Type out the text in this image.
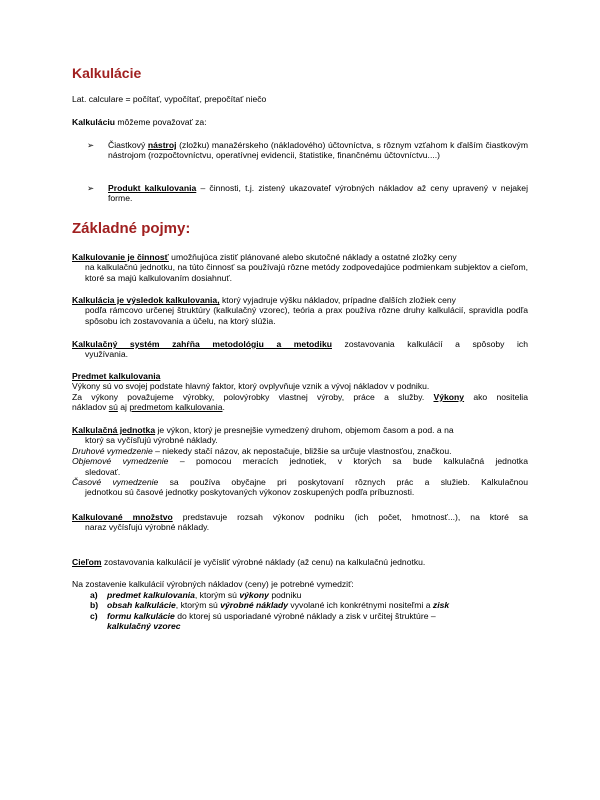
Kalkulácie
Lat. calculare = počítať, vypočítať, prepočítať niečo
Kalkuláciu môžeme považovať za:
➢	Čiastkový nástroj (zložku) manažérskeho (nákladového) účtovníctva, s rôznym vzťahom k ďalším čiastkovým nástrojom (rozpočtovníctvu, operatívnej evidencii, štatistike, finančnému účtovníctvu....)
➢	Produkt kalkulovania – činnosti, t.j. zistený ukazovateľ výrobných nákladov až ceny upravený v nejakej forme.
Základné pojmy:
Kalkulovanie je činnosť umožňujúca zistiť plánované alebo skutočné náklady a ostatné zložky ceny
na kalkulačnú jednotku, na túto činnosť sa používajú rôzne metódy zodpovedajúce podmienkam subjektov a cieľom, ktoré sa majú kalkulovaním dosiahnuť.
Kalkulácia je výsledok kalkulovania, ktorý vyjadruje výšku nákladov, prípadne ďalších zložiek ceny
podľa rámcovo určenej štruktúry (kalkulačný vzorec), teória a prax používa rôzne druhy kalkulácií, spravidla podľa spôsobu ich zostavovania a účelu, na ktorý slúžia.
Kalkulačný systém zahŕňa metodológiu a metodiku zostavovania kalkulácií a spôsoby ich
využívania.
Predmet kalkulovania
Výkony sú vo svojej podstate hlavný faktor, ktorý ovplyvňuje vznik a vývoj nákladov v podniku.
Za výkony považujeme výrobky, polovýrobky vlastnej výroby, práce a služby. Výkony ako nositelia
nákladov sú aj predmetom kalkulovania.
Kalkulačná jednotka je výkon, ktorý je presnejšie vymedzený druhom, objemom časom a pod. a na
ktorý sa vyčísľujú výrobné náklady.
Druhové vymedzenie – niekedy stačí názov, ak nepostačuje, bližšie sa určuje vlastnosťou, značkou.
Objemové vymedzenie – pomocou meracích jednotiek, v ktorých sa bude kalkulačná jednotka
sledovať.
Časové vymedzenie sa používa obyčajne pri poskytovaní rôznych prác a služieb. Kalkulačnou
jednotkou sú časové jednotky poskytovaných výkonov zoskupených podľa príbuznosti.
Kalkulované množstvo predstavuje rozsah výkonov podniku (ich počet, hmotnosť...), na ktoré sa
naraz vyčísľujú výrobné náklady.
Cieľom zostavovania kalkulácií je vyčísliť výrobné náklady (až cenu) na kalkulačnú jednotku.
Na zostavenie kalkulácií výrobných nákladov (ceny) je potrebné vymedziť:
a) predmet kalkulovania, ktorým sú výkony podniku
b) obsah kalkulácie, ktorým sú výrobné náklady vyvolané ich konkrétnymi nositeľmi a zisk
c) formu kalkulácie do ktorej sú usporiadané výrobné náklady a zisk v určitej štruktúre –
kalkulačný vzorec
